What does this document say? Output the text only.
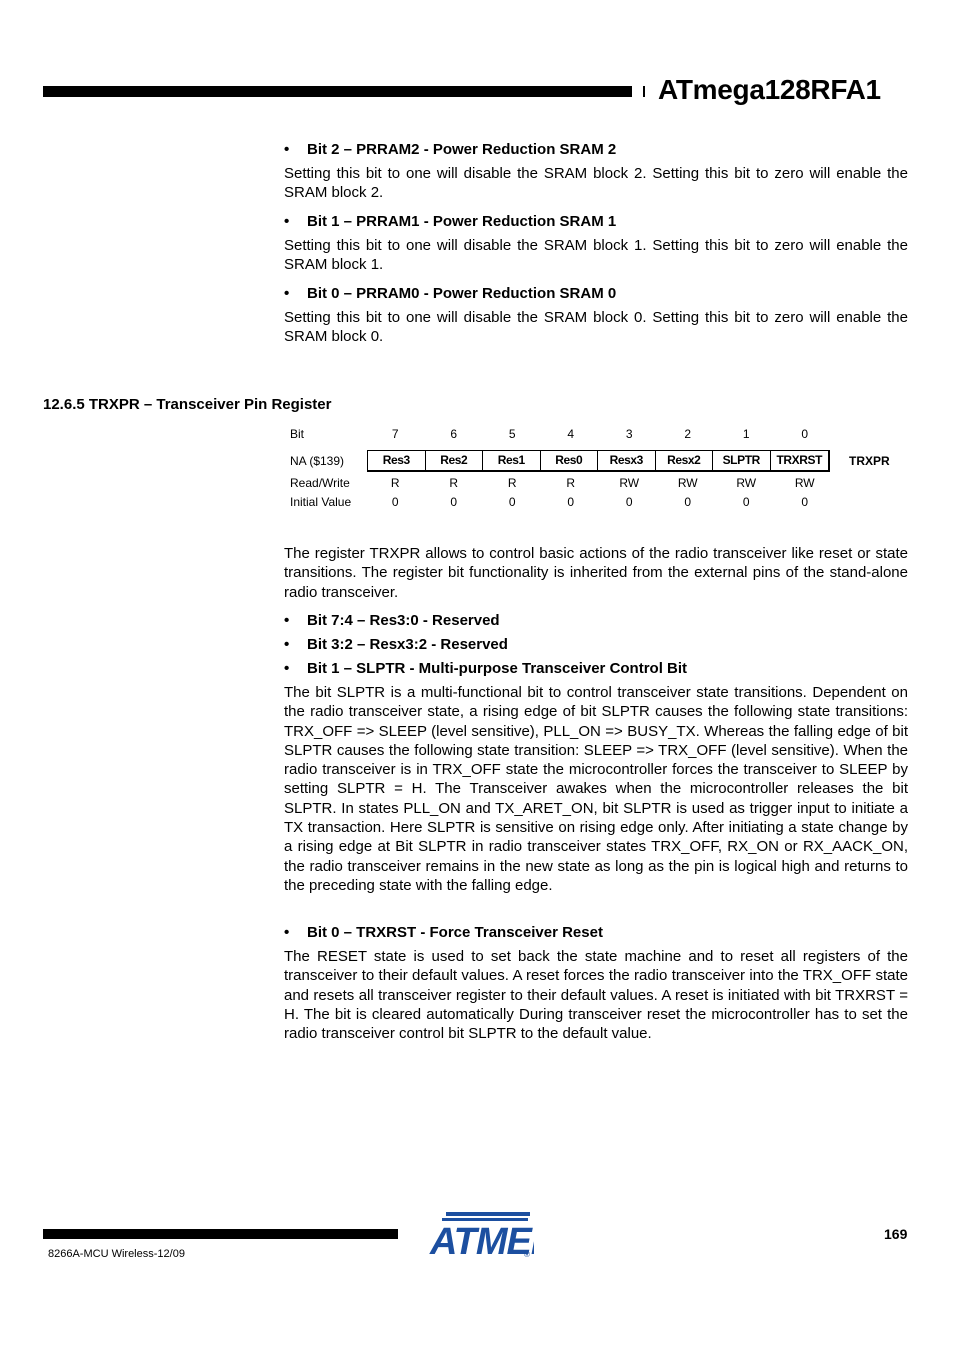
ATmega128RFA1
• Bit 2 – PRRAM2 - Power Reduction SRAM 2
Setting this bit to one will disable the SRAM block 2. Setting this bit to zero will enable the SRAM block 2.
• Bit 1 – PRRAM1 - Power Reduction SRAM 1
Setting this bit to one will disable the SRAM block 1. Setting this bit to zero will enable the SRAM block 1.
• Bit 0 – PRRAM0 - Power Reduction SRAM 0
Setting this bit to one will disable the SRAM block 0. Setting this bit to zero will enable the SRAM block 0.
12.6.5 TRXPR – Transceiver Pin Register
Bit	7	6	5	4	3	2	1	0
NA ($139)	Res3	Res2	Res1	Res0	Resx3	Resx2	SLPTR	TRXRST	TRXPR
Read/Write	R	R	R	R	RW	RW	RW	RW
Initial Value	0	0	0	0	0	0	0	0
The register TRXPR allows to control basic actions of the radio transceiver like reset or state transitions. The register bit functionality is inherited from the external pins of the stand-alone radio transceiver.
• Bit 7:4 – Res3:0 - Reserved
• Bit 3:2 – Resx3:2 - Reserved
• Bit 1 – SLPTR - Multi-purpose Transceiver Control Bit
The bit SLPTR is a multi-functional bit to control transceiver state transitions. Dependent on the radio transceiver state, a rising edge of bit SLPTR causes the following state transitions: TRX_OFF => SLEEP (level sensitive), PLL_ON => BUSY_TX. Whereas the falling edge of bit SLPTR causes the following state transition: SLEEP => TRX_OFF (level sensitive). When the radio transceiver is in TRX_OFF state the microcontroller forces the transceiver to SLEEP by setting SLPTR = H. The Transceiver awakes when the microcontroller releases the bit SLPTR. In states PLL_ON and TX_ARET_ON, bit SLPTR is used as trigger input to initiate a TX transaction. Here SLPTR is sensitive on rising edge only. After initiating a state change by a rising edge at Bit SLPTR in radio transceiver states TRX_OFF, RX_ON or RX_AACK_ON, the radio transceiver remains in the new state as long as the pin is logical high and returns to the preceding state with the falling edge.
• Bit 0 – TRXRST - Force Transceiver Reset
The RESET state is used to set back the state machine and to reset all registers of the transceiver to their default values. A reset forces the radio transceiver into the TRX_OFF state and resets all transceiver register to their default values. A reset is initiated with bit TRXRST = H. The bit is cleared automatically During transceiver reset the microcontroller has to set the radio transceiver control bit SLPTR to the default value.
ATME
®
169
8266A-MCU Wireless-12/09
